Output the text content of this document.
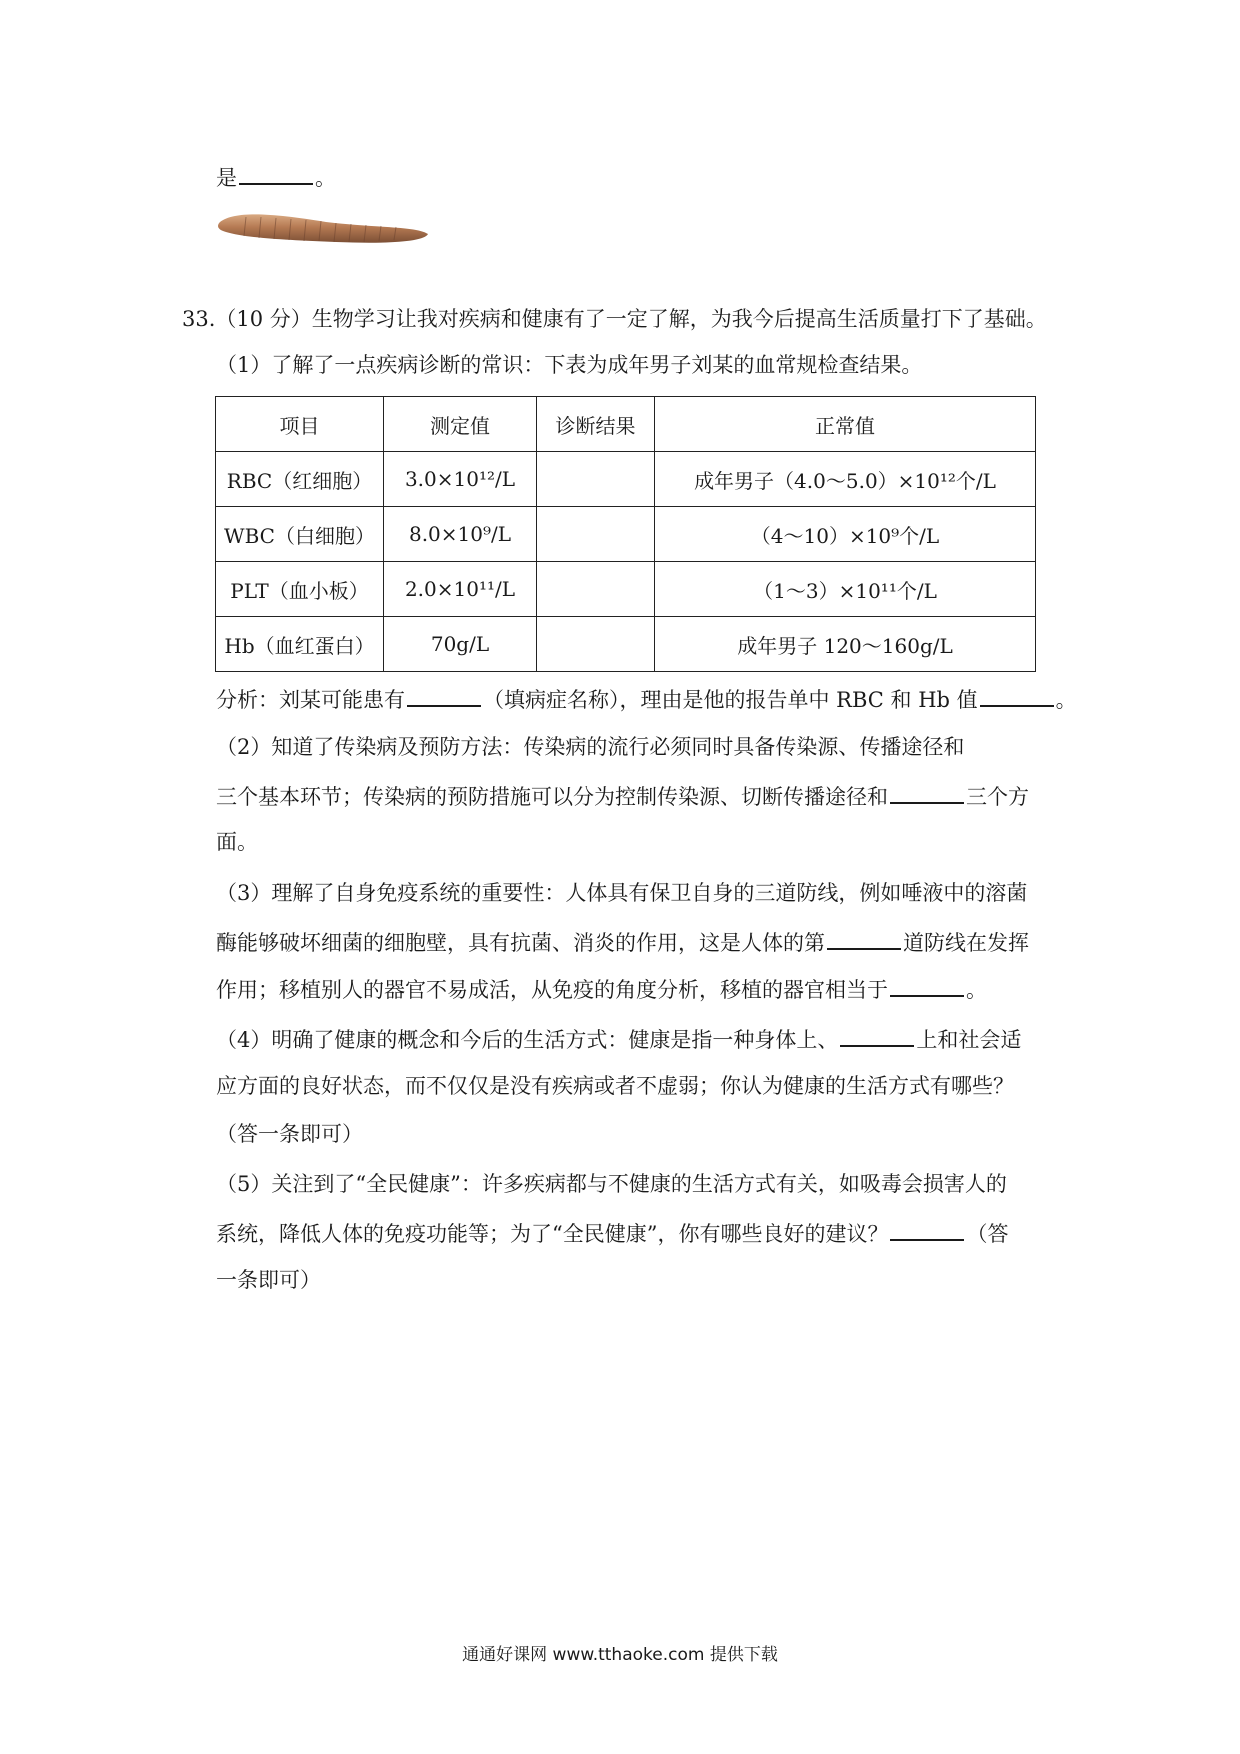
是	。
33.（10 分）生物学习让我对疾病和健康有了一定了解，为我今后提高生活质量打下了基础。
（1）了解了一点疾病诊断的常识：下表为成年男子刘某的血常规检查结果。
项目	测定值	诊断结果	正常值
RBC（红细胞）	3.0×10¹²/L		成年男子（4.0～5.0）×10¹²个/L
WBC（白细胞）	8.0×10⁹/L		（4～10）×10⁹个/L
PLT（血小板）	2.0×10¹¹/L		（1～3）×10¹¹个/L
Hb（血红蛋白）	70g/L		成年男子 120～160g/L
分析：刘某可能患有	（填病症名称），理由是他的报告单中 RBC 和 Hb 值	。
（2）知道了传染病及预防方法：传染病的流行必须同时具备传染源、传播途径和
三个基本环节；传染病的预防措施可以分为控制传染源、切断传播途径和	三个方
面。
（3）理解了自身免疫系统的重要性：人体具有保卫自身的三道防线，例如唾液中的溶菌
酶能够破坏细菌的细胞壁，具有抗菌、消炎的作用，这是人体的第	道防线在发挥
作用；移植别人的器官不易成活，从免疫的角度分析，移植的器官相当于	。
（4）明确了健康的概念和今后的生活方式：健康是指一种身体上、	上和社会适
应方面的良好状态，而不仅仅是没有疾病或者不虚弱；你认为健康的生活方式有哪些？
（答一条即可）
（5）关注到了“全民健康”：许多疾病都与不健康的生活方式有关，如吸毒会损害人的
系统，降低人体的免疫功能等；为了“全民健康”，你有哪些良好的建议？	（答
一条即可）
通通好课网 www.tthaoke.com 提供下载
